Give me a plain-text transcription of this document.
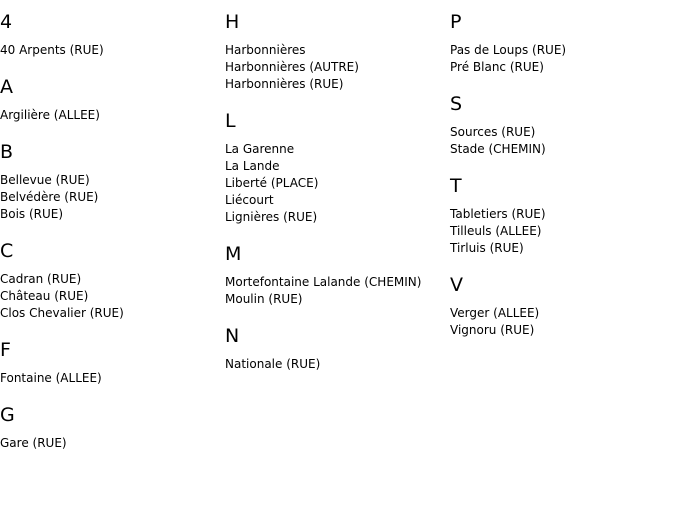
4
40 Arpents (RUE)
A
Argilière (ALLEE)
B
Bellevue (RUE)
Belvédère (RUE)
Bois (RUE)
C
Cadran (RUE)
Château (RUE)
Clos Chevalier (RUE)
F
Fontaine (ALLEE)
G
Gare (RUE)
H
Harbonnières
Harbonnières (AUTRE)
Harbonnières (RUE)
L
La Garenne
La Lande
Liberté (PLACE)
Liécourt
Lignières (RUE)
M
Mortefontaine Lalande (CHEMIN)
Moulin (RUE)
N
Nationale (RUE)
P
Pas de Loups (RUE)
Pré Blanc (RUE)
S
Sources (RUE)
Stade (CHEMIN)
T
Tabletiers (RUE)
Tilleuls (ALLEE)
Tirluis (RUE)
V
Verger (ALLEE)
Vignoru (RUE)
